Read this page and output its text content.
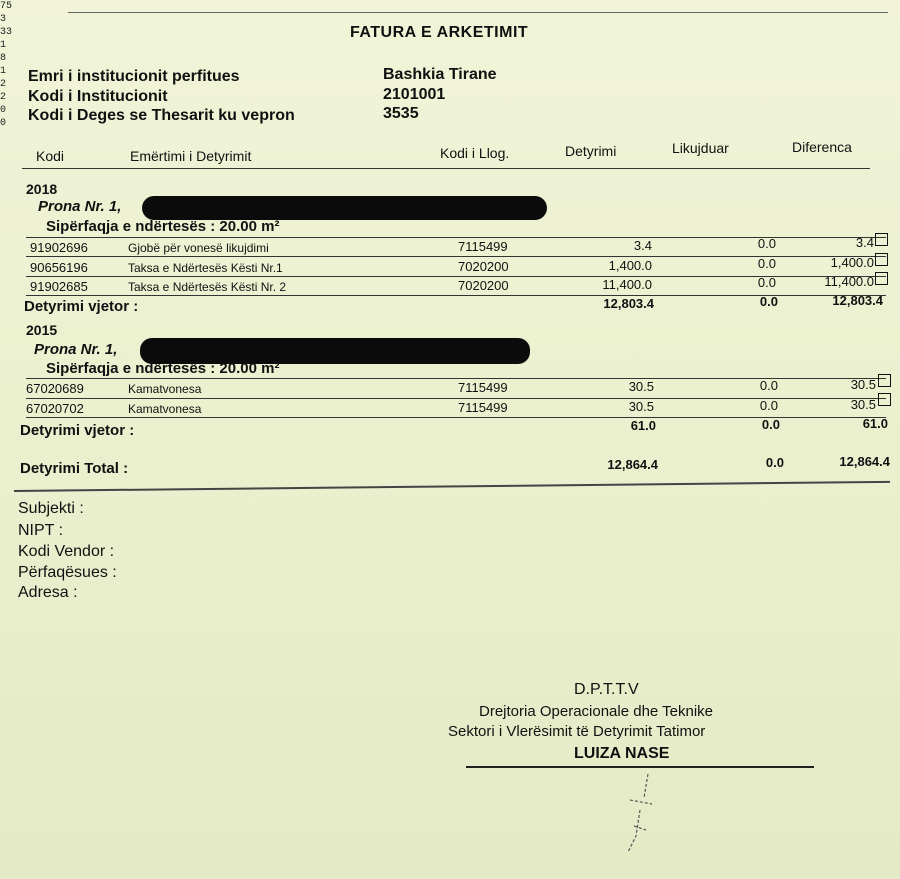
75
3
33
1
8
1
2
2
0
0
FATURA E ARKETIMIT
Emri i institucionit perfitues	Bashkia Tirane
Kodi i Institucionit	2101001
Kodi i Deges se Thesarit ku vepron	3535
Kodi	Emërtimi i Detyrimit	Kodi i Llog.	Detyrimi	Likujduar	Diferenca
2018
Prona Nr. 1,
Sipërfaqja e ndërtesës : 20.00 m²
91902696	Gjobë për vonesë likujdimi	7115499	3.4	0.0	3.4
90656196	Taksa e Ndërtesës Kësti Nr.1	7020200	1,400.0	0.0	1,400.0
91902685	Taksa e Ndërtesës Kësti Nr. 2	7020200	11,400.0	0.0	11,400.0
Detyrimi vjetor :	12,803.4	0.0	12,803.4
2015
Prona Nr. 1,
Sipërfaqja e ndërtesës : 20.00 m²
67020689	Kamatvonesa	7115499	30.5	0.0	30.5
67020702	Kamatvonesa	7115499	30.5	0.0	30.5
Detyrimi vjetor :	61.0	0.0	61.0
Detyrimi Total :	12,864.4	0.0	12,864.4
Subjekti :
NIPT :
Kodi Vendor :
Përfaqësues :
Adresa :
D.P.T.T.V
Drejtoria Operacionale dhe Teknike
Sektori i Vlerësimit të Detyrimit Tatimor
LUIZA NASE
